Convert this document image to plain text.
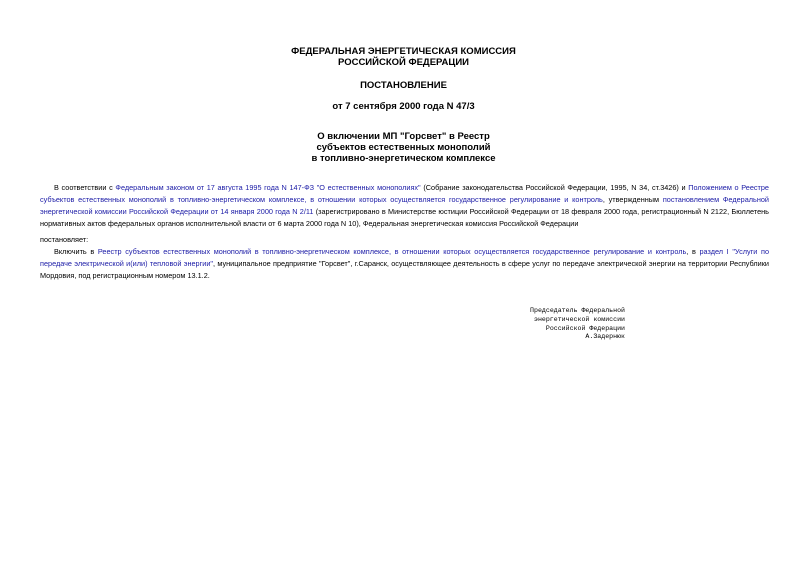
ФЕДЕРАЛЬНАЯ ЭНЕРГЕТИЧЕСКАЯ КОМИССИЯ
РОССИЙСКОЙ ФЕДЕРАЦИИ
ПОСТАНОВЛЕНИЕ
от 7 сентября 2000 года N 47/3
О включении МП "Горсвет" в Реестр
субъектов естественных монополий
в топливно-энергетическом комплексе

В соответствии с Федеральным законом от 17 августа 1995 года N 147-ФЗ "О естественных монополиях" (Собрание законодательства Российской Федерации, 1995, N 34, ст.3426) и Положением о Реестре субъектов естественных монополий в топливно-энергетическом комплексе, в отношении которых осуществляется государственное регулирование и контроль, утвержденным постановлением Федеральной энергетической комиссии Российской Федерации от 14 января 2000 года N 2/11 (зарегистрировано в Министерстве юстиции Российской Федерации от 18 февраля 2000 года, регистрационный N 2122, Бюллетень нормативных актов федеральных органов исполнительной власти от 6 марта 2000 года N 10), Федеральная энергетическая комиссия Российской Федерации

постановляет:

Включить в Реестр субъектов естественных монополий в топливно-энергетическом комплексе, в отношении которых осуществляется государственное регулирование и контроль, в раздел I "Услуги по передаче электрической и(или) тепловой энергии", муниципальное предприятие "Горсвет", г.Саранск, осуществляющее деятельность в сфере услуг по передаче электрической энергии на территории Республики Мордовия, под регистрационным номером 13.1.2.

Председатель Федеральной
энергетической комиссии
Российской Федерации
А.Задернюк
